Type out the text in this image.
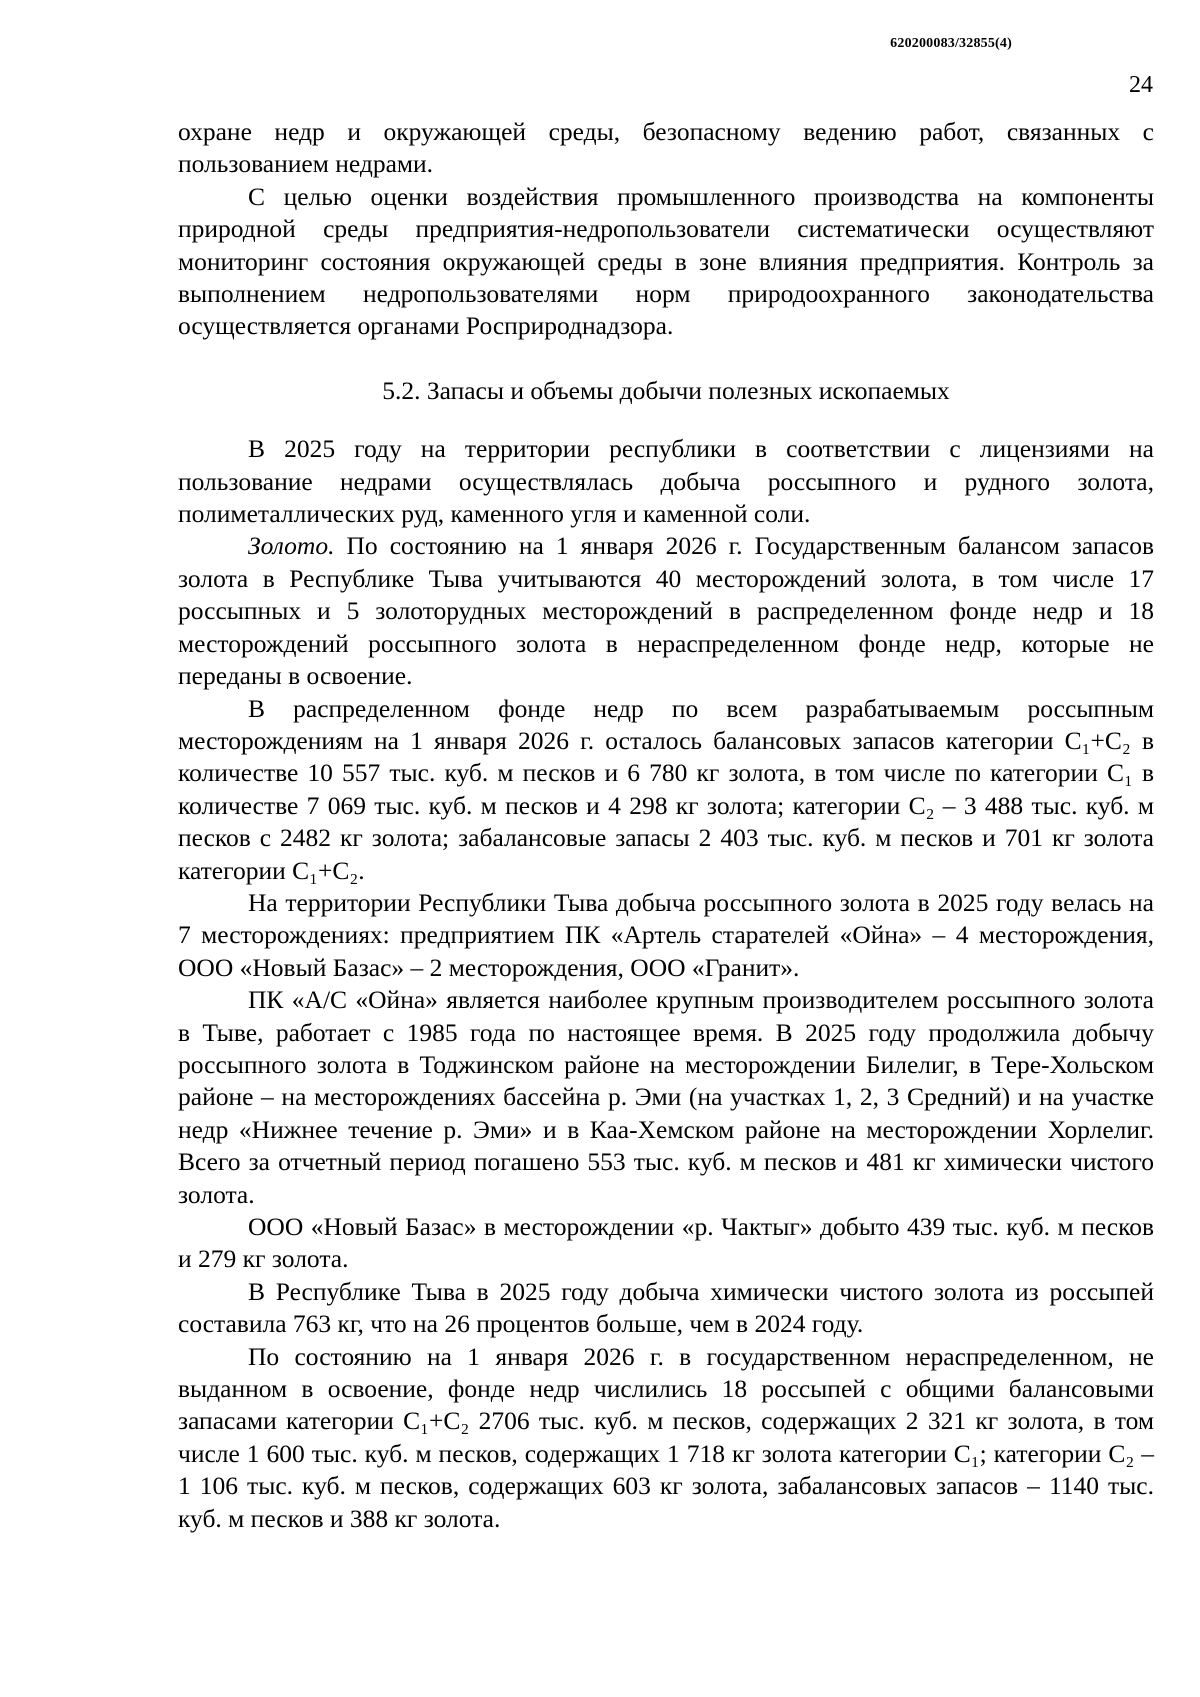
620200083/32855(4)
24

охране недр и окружающей среды, безопасному ведению работ, связанных с пользованием недрами.

С целью оценки воздействия промышленного производства на компоненты природной среды предприятия-недропользователи систематически осуществляют мониторинг состояния окружающей среды в зоне влияния предприятия. Контроль за выполнением недропользователями норм природоохранного законодательства осуществляется органами Росприроднадзора.

5.2. Запасы и объемы добычи полезных ископаемых

В 2025 году на территории республики в соответствии с лицензиями на пользование недрами осуществлялась добыча россыпного и рудного золота, полиметаллических руд, каменного угля и каменной соли.

Золото. По состоянию на 1 января 2026 г. Государственным балансом запасов золота в Республике Тыва учитываются 40 месторождений золота, в том числе 17 россыпных и 5 золоторудных месторождений в распределенном фонде недр и 18 месторождений россыпного золота в нераспределенном фонде недр, которые не переданы в освоение.

В распределенном фонде недр по всем разрабатываемым россыпным месторождениям на 1 января 2026 г. осталось балансовых запасов категории C₁+C₂ в количестве 10 557 тыс. куб. м песков и 6 780 кг золота, в том числе по категории C₁ в количестве 7 069 тыс. куб. м песков и 4 298 кг золота; категории C₂ – 3 488 тыс. куб. м песков с 2482 кг золота; забалансовые запасы 2 403 тыс. куб. м песков и 701 кг золота категории C₁+C₂.

На территории Республики Тыва добыча россыпного золота в 2025 году велась на 7 месторождениях: предприятием ПК «Артель старателей «Ойна» – 4 месторождения, ООО «Новый Базас» – 2 месторождения, ООО «Гранит».

ПК «А/С «Ойна» является наиболее крупным производителем россыпного золота в Тыве, работает с 1985 года по настоящее время. В 2025 году продолжила добычу россыпного золота в Тоджинском районе на месторождении Билелиг, в Тере-Хольском районе – на месторождениях бассейна р. Эми (на участках 1, 2, 3 Средний) и на участке недр «Нижнее течение р. Эми» и в Каа-Хемском районе на месторождении Хорлелиг. Всего за отчетный период погашено 553 тыс. куб. м песков и 481 кг химически чистого золота.

ООО «Новый Базас» в месторождении «р. Чактыг» добыто 439 тыс. куб. м песков и 279 кг золота.

В Республике Тыва в 2025 году добыча химически чистого золота из россыпей составила 763 кг, что на 26 процентов больше, чем в 2024 году.

По состоянию на 1 января 2026 г. в государственном нераспределенном, не выданном в освоение, фонде недр числились 18 россыпей с общими балансовыми запасами категории C₁+C₂ 2706 тыс. куб. м песков, содержащих 2 321 кг золота, в том числе 1 600 тыс. куб. м песков, содержащих 1 718 кг золота категории C₁; категории C₂ – 1 106 тыс. куб. м песков, содержащих 603 кг золота, забалансовых запасов – 1140 тыс. куб. м песков и 388 кг золота.
